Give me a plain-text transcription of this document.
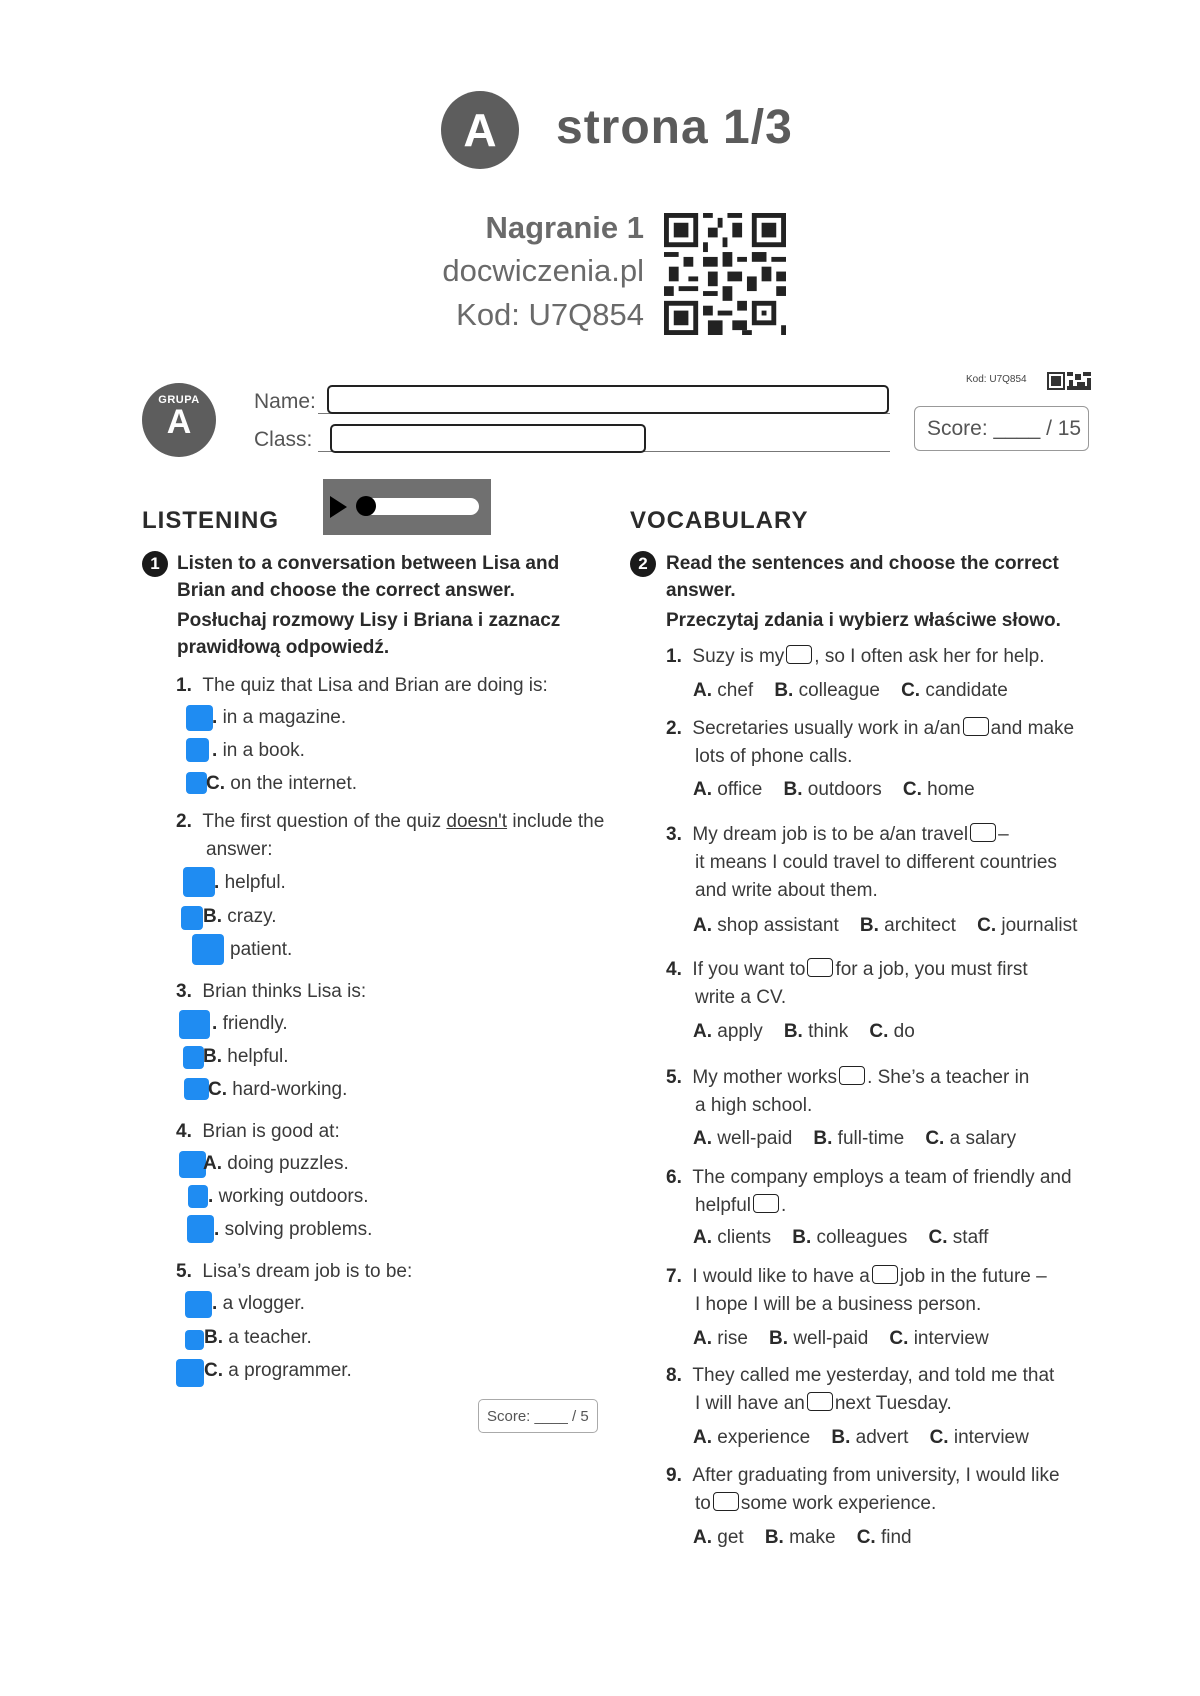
A strona 1/3
Nagranie 1
docwiczenia.pl
Kod: U7Q854
GRUPA
A
Name:
Class:
Kod: U7Q854
Score: ____ / 15
LISTENING
1 Listen to a conversation between Lisa and Brian and choose the correct answer.
Posłuchaj rozmowy Lisy i Briana i zaznacz prawidłową odpowiedź.
1. The quiz that Lisa and Brian are doing is:
. in a magazine.
. in a book.
C. on the internet.
2. The first question of the quiz doesn't include the answer:
. helpful.
B. crazy.
patient.
3. Brian thinks Lisa is:
. friendly.
B. helpful.
C. hard-working.
4. Brian is good at:
A. doing puzzles.
. working outdoors.
. solving problems.
5. Lisa’s dream job is to be:
. a vlogger.
B. a teacher.
C. a programmer.
Score: ____ / 5
VOCABULARY
2 Read the sentences and choose the correct answer.
Przeczytaj zdania i wybierz właściwe słowo.
1. Suzy is my , so I often ask her for help.
A. chef B. colleague C. candidate
2. Secretaries usually work in a/an and make
lots of phone calls.
A. office B. outdoors C. home
3. My dream job is to be a/an travel –
it means I could travel to different countries
and write about them.
A. shop assistant B. architect C. journalist
4. If you want to for a job, you must first
write a CV.
A. apply B. think C. do
5. My mother works . She’s a teacher in
a high school.
A. well-paid B. full-time C. a salary
6. The company employs a team of friendly and
helpful .
A. clients B. colleagues C. staff
7. I would like to have a job in the future –
I hope I will be a business person.
A. rise B. well-paid C. interview
8. They called me yesterday, and told me that
I will have an next Tuesday.
A. experience B. advert C. interview
9. After graduating from university, I would like
to some work experience.
A. get B. make C. find
